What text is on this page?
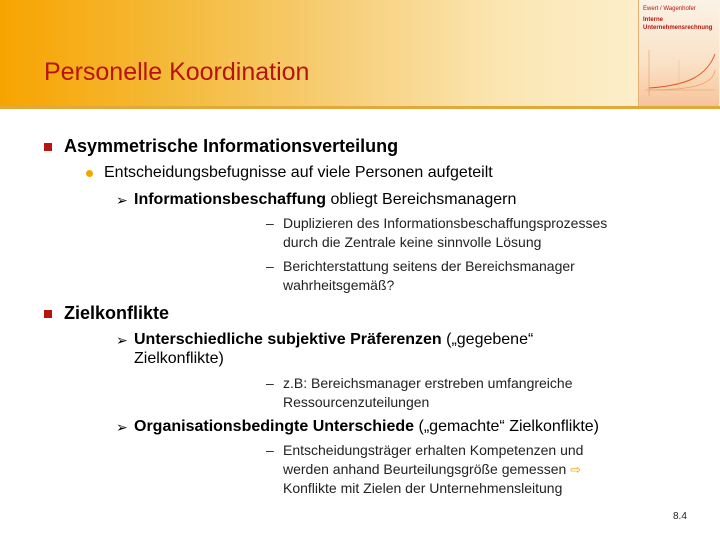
Personelle Koordination
Ewert / Wagenhofer
Interne
Unternehmensrechnung
Asymmetrische Informationsverteilung
Entscheidungsbefugnisse auf viele Personen aufgeteilt
➢ Informationsbeschaffung obliegt Bereichsmanagern
– Duplizieren des Informationsbeschaffungsprozesses
durch die Zentrale keine sinnvolle Lösung
– Berichterstattung seitens der Bereichsmanager
wahrheitsgemäß?
Zielkonflikte
➢ Unterschiedliche subjektive Präferenzen („gegebene“
Zielkonflikte)
– z.B: Bereichsmanager erstreben umfangreiche
Ressourcenzuteilungen
➢ Organisationsbedingte Unterschiede („gemachte“ Zielkonflikte)
– Entscheidungsträger erhalten Kompetenzen und
werden anhand Beurteilungsgröße gemessen ⇨
Konflikte mit Zielen der Unternehmensleitung
8.4
